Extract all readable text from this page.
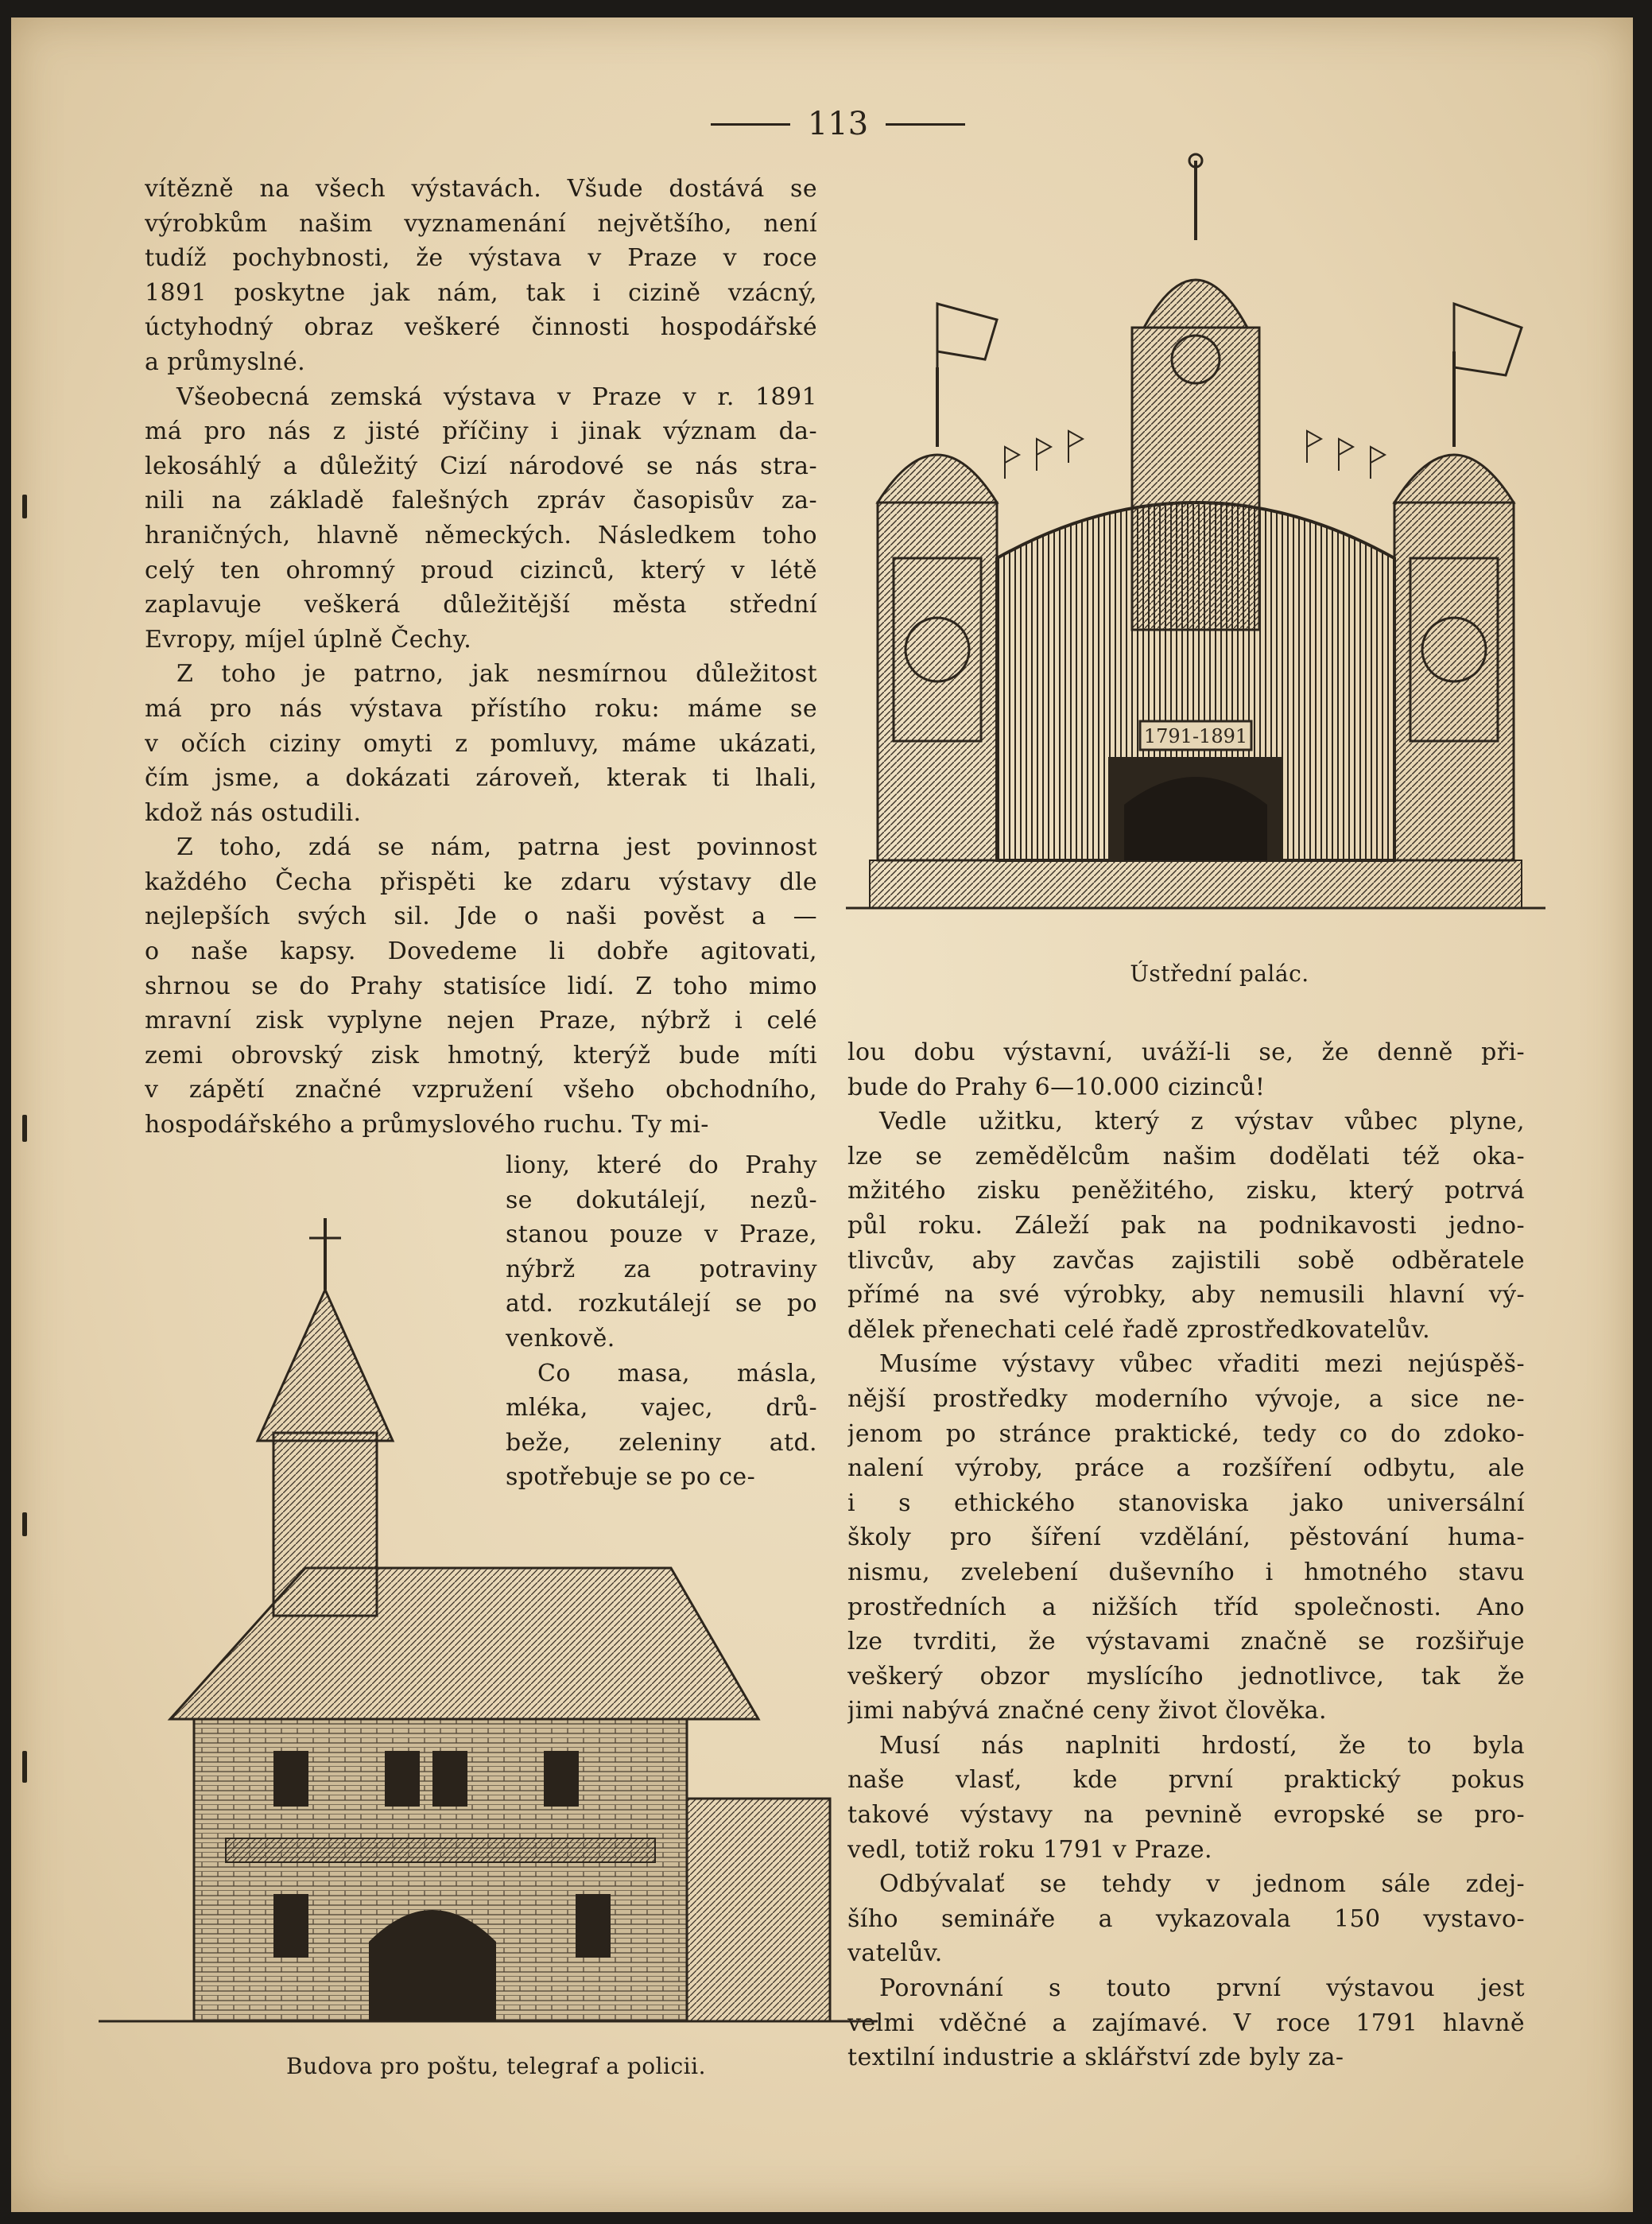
113
vítězně na všech výstavách. Všude dostává se
výrobkům našim vyznamenání největšího, není
tudíž pochybnosti, že výstava v Praze v roce
1891 poskytne jak nám, tak i cizině vzácný,
úctyhodný obraz veškeré činnosti hospodářské
a průmyslné.
Všeobecná zemská výstava v Praze v r. 1891
má pro nás z jisté příčiny i jinak význam da-
lekosáhlý a důležitý Cizí národové se nás stra-
nili na základě falešných zpráv časopisův za-
hraničných, hlavně německých. Následkem toho
celý ten ohromný proud cizinců, který v létě
zaplavuje veškerá důležitější města střední
Evropy, míjel úplně Čechy.
Z toho je patrno, jak nesmírnou důležitost
má pro nás výstava přístího roku: máme se
v očích ciziny omyti z pomluvy, máme ukázati,
čím jsme, a dokázati zároveň, kterak ti lhali,
kdož nás ostudili.
Z toho, zdá se nám, patrna jest povinnost
každého Čecha přispěti ke zdaru výstavy dle
nejlepších svých sil. Jde o naši pověst a —
o naše kapsy. Dovedeme li dobře agitovati,
shrnou se do Prahy statisíce lidí. Z toho mimo
mravní zisk vyplyne nejen Praze, nýbrž i celé
zemi obrovský zisk hmotný, kterýž bude míti
v zápětí značné vzpružení všeho obchodního,
hospodářského a průmyslového ruchu. Ty mi-
liony, které do Prahy
se dokutálejí, nezů-
stanou pouze v Praze,
nýbrž za potraviny
atd. rozkutálejí se po
venkově.
Co masa, másla,
mléka, vajec, drů-
beže, zeleniny atd.
spotřebuje se po ce-
lou dobu výstavní, uváží-li se, že denně při-
bude do Prahy 6—10.000 cizinců!
Vedle užitku, který z výstav vůbec plyne,
lze se zemědělcům našim dodělati též oka-
mžitého zisku peněžitého, zisku, který potrvá
půl roku. Záleží pak na podnikavosti jedno-
tlivcův, aby zavčas zajistili sobě odběratele
přímé na své výrobky, aby nemusili hlavní vý-
dělek přenechati celé řadě zprostředkovatelův.
Musíme výstavy vůbec vřaditi mezi nejúspěš-
nější prostředky moderního vývoje, a sice ne-
jenom po stránce praktické, tedy co do zdoko-
nalení výroby, práce a rozšíření odbytu, ale
i s ethického stanoviska jako universální
školy pro šíření vzdělání, pěstování huma-
nismu, zvelebení duševního i hmotného stavu
prostředních a nižších tříd společnosti. Ano
lze tvrditi, že výstavami značně se rozšiřuje
veškerý obzor myslícího jednotlivce, tak že
jimi nabývá značné ceny život člověka.
Musí nás naplniti hrdostí, že to byla
naše vlasť, kde první praktický pokus
takové výstavy na pevnině evropské se pro-
vedl, totiž roku 1791 v Praze.
Odbývalať se tehdy v jednom sále zdej-
šího semináře a vykazovala 150 vystavo-
vatelův.
Porovnání s touto první výstavou jest
velmi vděčné a zajímavé. V roce 1791 hlavně
textilní industrie a sklářství zde byly za-
1791-1891
Ústřední palác.
Budova pro poštu, telegraf a policii.
